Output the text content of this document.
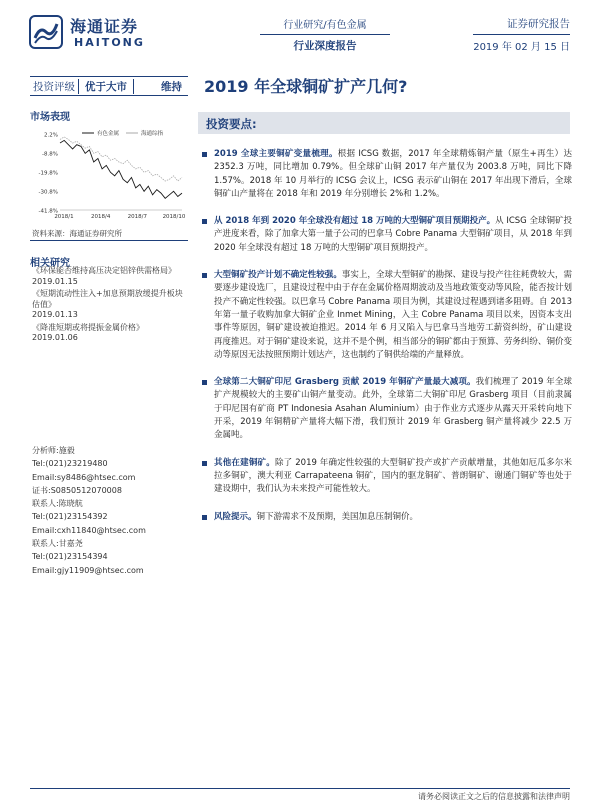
海通证券
HAITONG
行业研究/有色金属
行业深度报告
证券研究报告
2019 年 02 月 15 日
投资评级 优于大市	维持	2019 年全球铜矿扩产几何?
市场表现
2.2%
-8.8%
-19.8%
-30.8%
-41.8%
2018/1	2018/4	2018/7	2018/10
有色金属	海通综指
资料来源：海通证券研究所
相关研究
《环保能否维持高压决定铝锌供需格局》
2019.01.15
《短期流动性注入+加息预期放缓提升板块估值》
2019.01.13
《降准短期或将提振金属价格》
2019.01.06
分析师:施毅
Tel:(021)23219480
Email:sy8486@htsec.com
证书:S0850512070008
联系人:陈晓航
Tel:(021)23154392
Email:cxh11840@htsec.com
联系人:甘嘉尧
Tel:(021)23154394
Email:gjy11909@htsec.com
投资要点:
2019 全球主要铜矿变量梳理。根据 ICSG 数据，2017 年全球精炼铜产量（原生+再生）达 2352.3 万吨，同比增加 0.79%。但全球矿山铜 2017 年产量仅为 2003.8 万吨，同比下降 1.57%。2018 年 10 月举行的 ICSG 会议上，ICSG 表示矿山铜在 2017 年出现下滑后，全球铜矿山产量将在 2018 年和 2019 年分别增长 2%和 1.2%。
从 2018 年到 2020 年全球没有超过 18 万吨的大型铜矿项目预期投产。从 ICSG 全球铜矿投产进度来看，除了加拿大第一量子公司的巴拿马 Cobre Panama 大型铜矿项目，从 2018 年到 2020 年全球没有超过 18 万吨的大型铜矿项目预期投产。
大型铜矿投产计划不确定性较强。事实上，全球大型铜矿的勘探、建设与投产往往耗费较大，需要逐步建设选厂，且建设过程中由于存在金属价格周期波动及当地政策变动等风险，能否按计划投产不确定性较强。以巴拿马 Cobre Panama 项目为例，其建设过程遇到诸多阻碍。自 2013 年第一量子收购加拿大铜矿企业 Inmet Mining，入主 Cobre Panama 项目以来，因资本支出事件等原因，铜矿建设被迫推迟。2014 年 6 月又陷入与巴拿马当地劳工薪资纠纷，矿山建设再度推迟。对于铜矿建设来说，这并不是个例，相当部分的铜矿都由于预算、劳务纠纷、铜价变动等原因无法按照预期计划达产，这也制约了铜供给端的产量释放。
全球第二大铜矿印尼 Grasberg 贡献 2019 年铜矿产量最大减项。我们梳理了 2019 年全球扩产规模较大的主要矿山铜产量变动。此外，全球第二大铜矿印尼 Grasberg 项目（目前隶属于印尼国有矿商 PT Indonesia Asahan Aluminium）由于作业方式逐步从露天开采转向地下开采，2019 年铜精矿产量将大幅下滑，我们预计 2019 年 Grasberg 铜产量将减少 22.5 万金属吨。
其他在建铜矿。除了 2019 年确定性较强的大型铜矿投产或扩产贡献增量，其他如厄瓜多尔米拉多铜矿，澳大利亚 Carrapateena 铜矿，国内的驱龙铜矿、普朗铜矿、谢通门铜矿等也处于建设期中，我们认为未来投产可能性较大。
风险提示。铜下游需求不及预期，美国加息压制铜价。
请务必阅读正文之后的信息披露和法律声明
